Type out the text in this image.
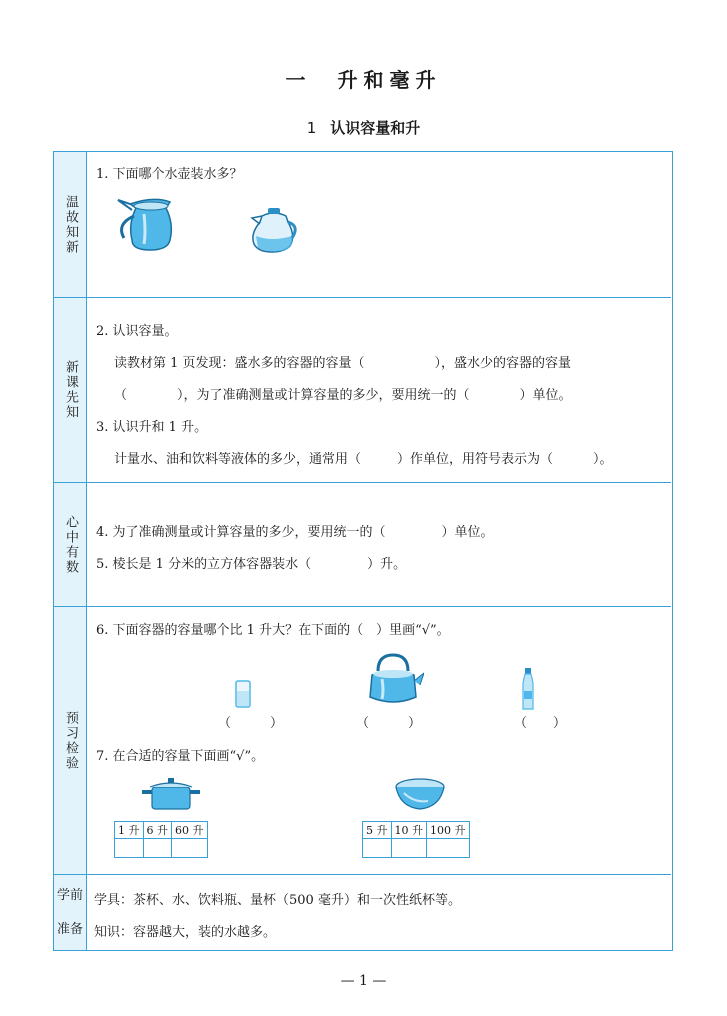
一　升和毫升
1 认识容量和升
温故知新
1. 下面哪个水壶装水多？
新课先知
2. 认识容量。
读教材第 1 页发现：盛水多的容器的容量（	），盛水少的容器的容量
（	），为了准确测量或计算容量的多少，要用统一的（	）单位。
3. 认识升和 1 升。
计量水、油和饮料等液体的多少，通常用（	）作单位，用符号表示为（	）。
心中有数 4. 为了准确测量或计算容量的多少，要用统一的（	）单位。
5. 棱长是 1 分米的立方体容器装水（	）升。
预习检验
6. 下面容器的容量哪个比 1 升大？在下面的（　）里画“√”。
（　　　）	（　　　）	（　　）
7. 在合适的容量下面画“√”。
1 升	6 升	60 升
			5 升	10 升	100 升

学前
准备
学具：茶杯、水、饮料瓶、量杯（500 毫升）和一次性纸杯等。
知识：容器越大，装的水越多。
— 1 —
